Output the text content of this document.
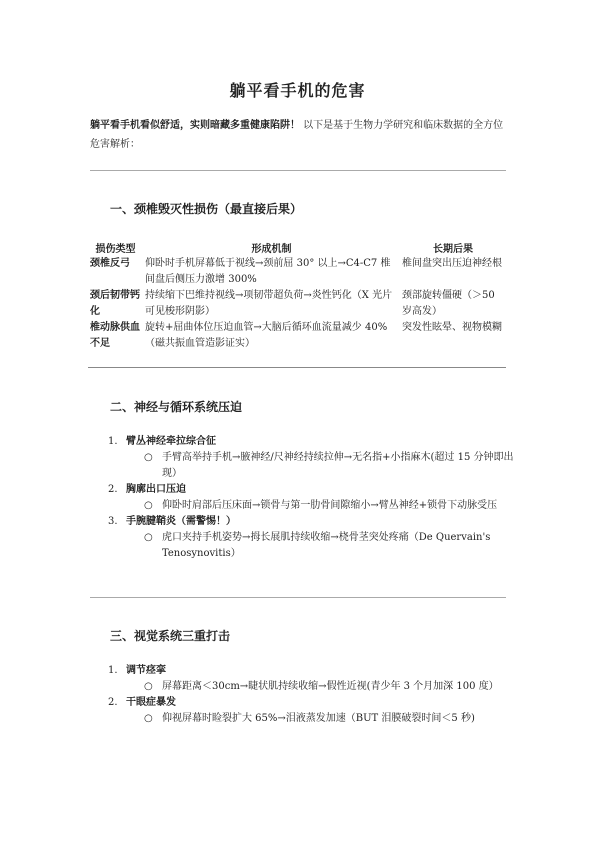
躺平看手机的危害
躺平看手机看似舒适，实则暗藏多重健康陷阱！ 以下是基于生物力学研究和临床数据的全方位危害解析：
一、颈椎毁灭性损伤（最直接后果）
损伤类型	形成机制	长期后果
颈椎反弓	仰卧时手机屏幕低于视线→颈前屈 30° 以上→C4-C7 椎间盘后侧压力激增 300%	椎间盘突出压迫神经根
颈后韧带钙化	持续缩下巴维持视线→项韧带超负荷→炎性钙化（X 光片可见梭形阴影）	颈部旋转僵硬（＞50 岁高发）
椎动脉供血不足	旋转+屈曲体位压迫血管→大脑后循环血流量减少 40%（磁共振血管造影证实）	突发性眩晕、视物模糊
二、神经与循环系统压迫
1. 臂丛神经牵拉综合征
○ 手臂高举持手机→腋神经/尺神经持续拉伸→无名指+小指麻木(超过 15 分钟即出现）
2. 胸廓出口压迫
○ 仰卧时肩部后压床面→锁骨与第一肋骨间隙缩小→臂丛神经+锁骨下动脉受压
3. 手腕腱鞘炎（需警惕！）
○ 虎口夹持手机姿势→拇长展肌持续收缩→桡骨茎突处疼痛（De Quervain's Tenosynovitis）
三、视觉系统三重打击
1. 调节痉挛
○ 屏幕距离＜30cm→睫状肌持续收缩→假性近视(青少年 3 个月加深 100 度）
2. 干眼症暴发
○ 仰视屏幕时睑裂扩大 65%→泪液蒸发加速（BUT 泪膜破裂时间＜5 秒)
